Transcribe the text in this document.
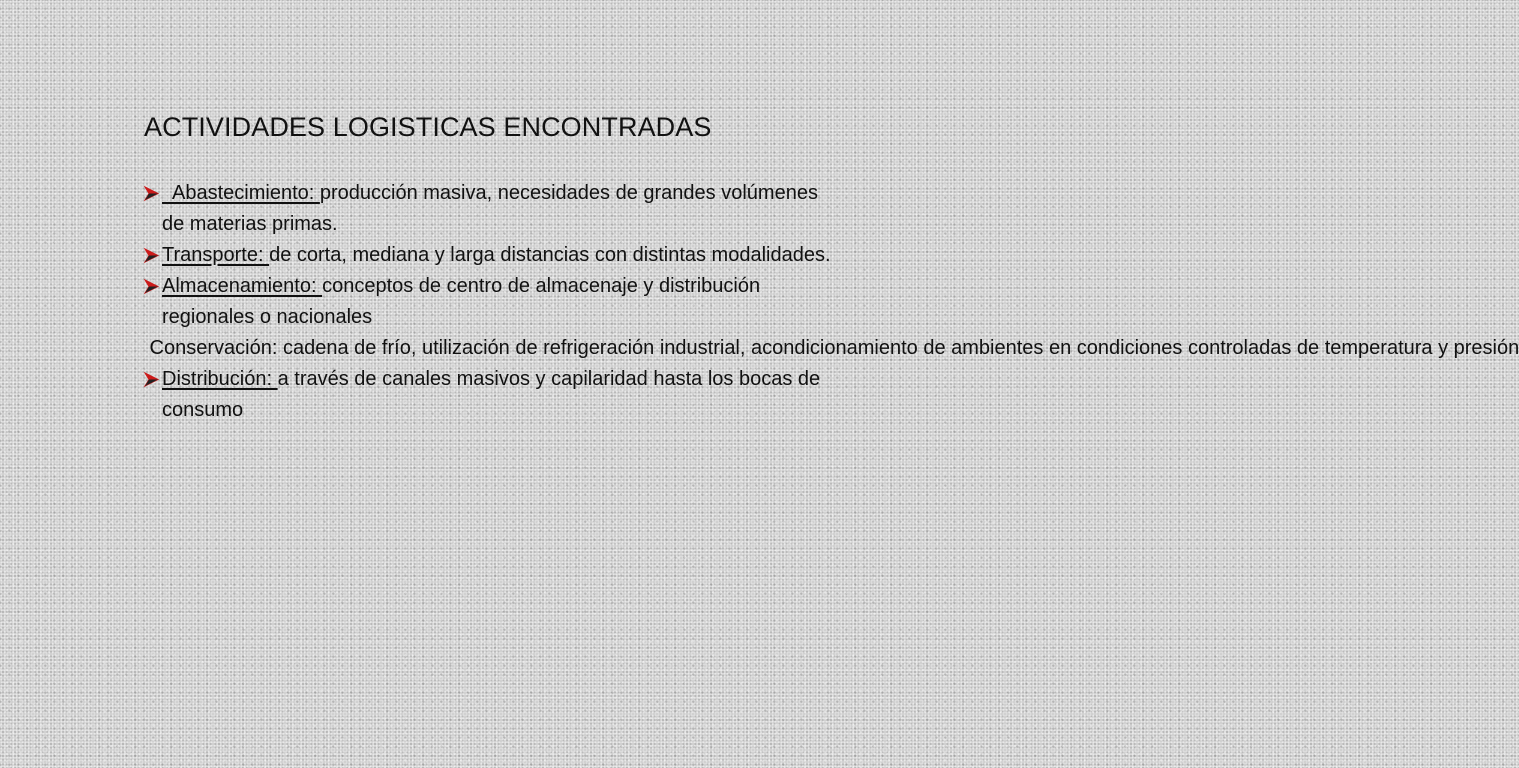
ACTIVIDADES LOGISTICAS ENCONTRADAS
Abastecimiento: producción masiva, necesidades de grandes volúmenes de materias primas.
Transporte: de corta, mediana y larga distancias con distintas modalidades.
Almacenamiento: conceptos de centro de almacenaje y distribución regionales o nacionales
Conservación: cadena de frío, utilización de refrigeración industrial, acondicionamiento de ambientes en condiciones controladas de temperatura y presión
Distribución: a través de canales masivos y capilaridad hasta los bocas de consumo
